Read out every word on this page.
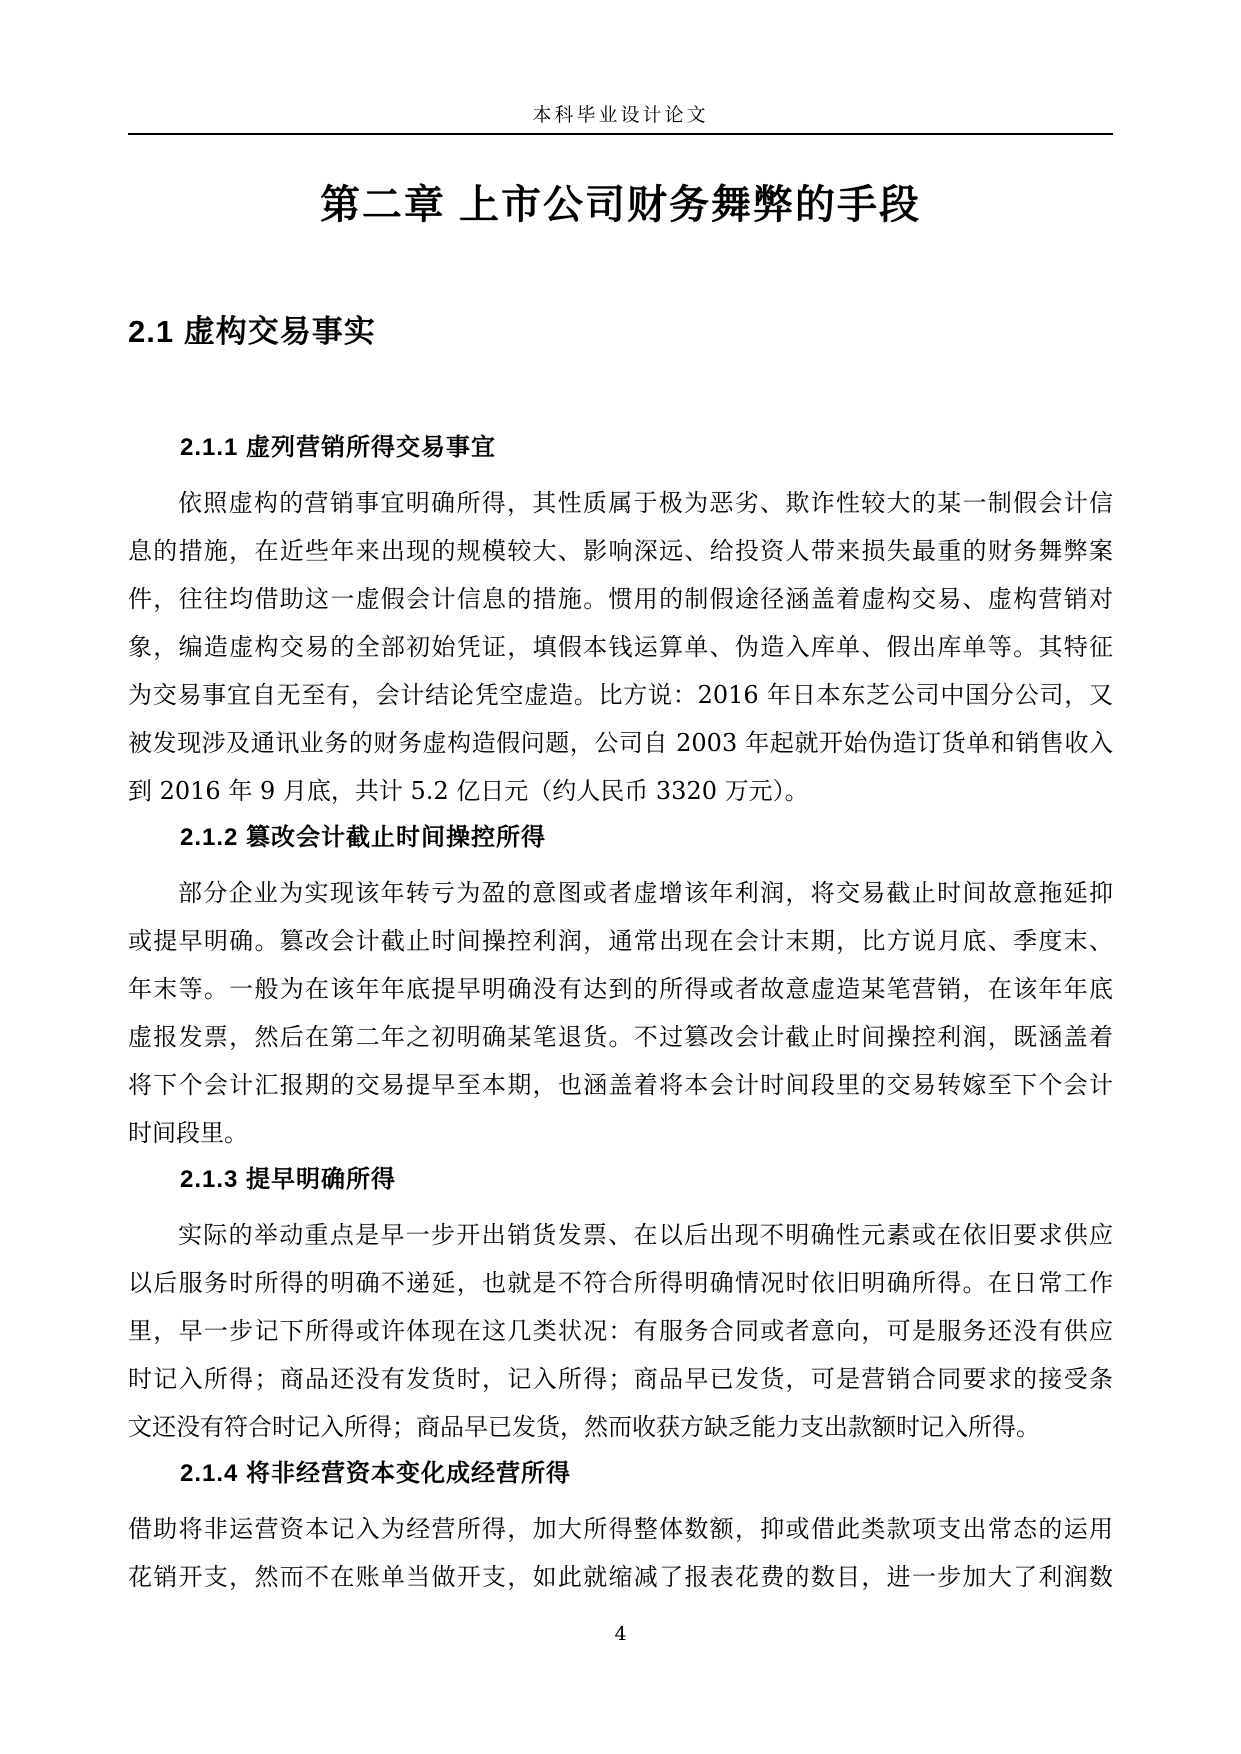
本科毕业设计论文
第二章 上市公司财务舞弊的手段
2.1 虚构交易事实
2.1.1 虚列营销所得交易事宜
依照虚构的营销事宜明确所得，其性质属于极为恶劣、欺诈性较大的某一制假会计信
息的措施，在近些年来出现的规模较大、影响深远、给投资人带来损失最重的财务舞弊案
件，往往均借助这一虚假会计信息的措施。惯用的制假途径涵盖着虚构交易、虚构营销对
象，编造虚构交易的全部初始凭证，填假本钱运算单、伪造入库单、假出库单等。其特征
为交易事宜自无至有，会计结论凭空虚造。比方说：2016 年日本东芝公司中国分公司，又
被发现涉及通讯业务的财务虚构造假问题，公司自 2003 年起就开始伪造订货单和销售收入
到 2016 年 9 月底，共计 5.2 亿日元（约人民币 3320 万元）。
2.1.2 篡改会计截止时间操控所得
部分企业为实现该年转亏为盈的意图或者虚增该年利润，将交易截止时间故意拖延抑
或提早明确。篡改会计截止时间操控利润，通常出现在会计末期，比方说月底、季度末、
年末等。一般为在该年年底提早明确没有达到的所得或者故意虚造某笔营销，在该年年底
虚报发票，然后在第二年之初明确某笔退货。不过篡改会计截止时间操控利润，既涵盖着
将下个会计汇报期的交易提早至本期，也涵盖着将本会计时间段里的交易转嫁至下个会计
时间段里。
2.1.3 提早明确所得
实际的举动重点是早一步开出销货发票、在以后出现不明确性元素或在依旧要求供应
以后服务时所得的明确不递延，也就是不符合所得明确情况时依旧明确所得。在日常工作
里，早一步记下所得或许体现在这几类状况：有服务合同或者意向，可是服务还没有供应
时记入所得；商品还没有发货时，记入所得；商品早已发货，可是营销合同要求的接受条
文还没有符合时记入所得；商品早已发货，然而收获方缺乏能力支出款额时记入所得。
2.1.4 将非经营资本变化成经营所得
借助将非运营资本记入为经营所得，加大所得整体数额，抑或借此类款项支出常态的运用
花销开支，然而不在账单当做开支，如此就缩减了报表花费的数目，进一步加大了利润数
4
